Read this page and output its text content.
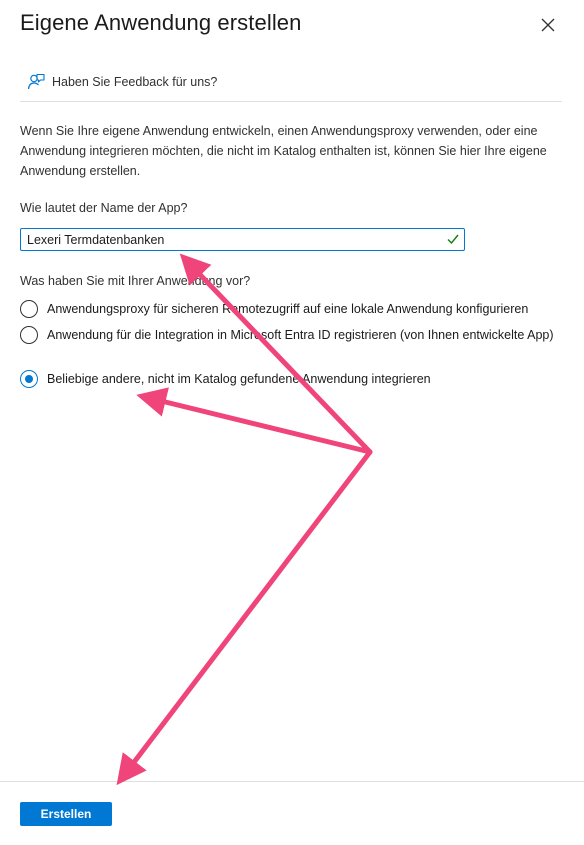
Eigene Anwendung erstellen
Haben Sie Feedback für uns?

Wenn Sie Ihre eigene Anwendung entwickeln, einen Anwendungsproxy verwenden, oder eine Anwendung integrieren möchten, die nicht im Katalog enthalten ist, können Sie hier Ihre eigene Anwendung erstellen.

Wie lautet der Name der App?
Lexeri Termdatenbanken
Was haben Sie mit Ihrer Anwendung vor?
Anwendungsproxy für sicheren Remotezugriff auf eine lokale Anwendung konfigurieren
Anwendung für die Integration in Microsoft Entra ID registrieren (von Ihnen entwickelte App)
Beliebige andere, nicht im Katalog gefundene Anwendung integrieren
Erstellen
